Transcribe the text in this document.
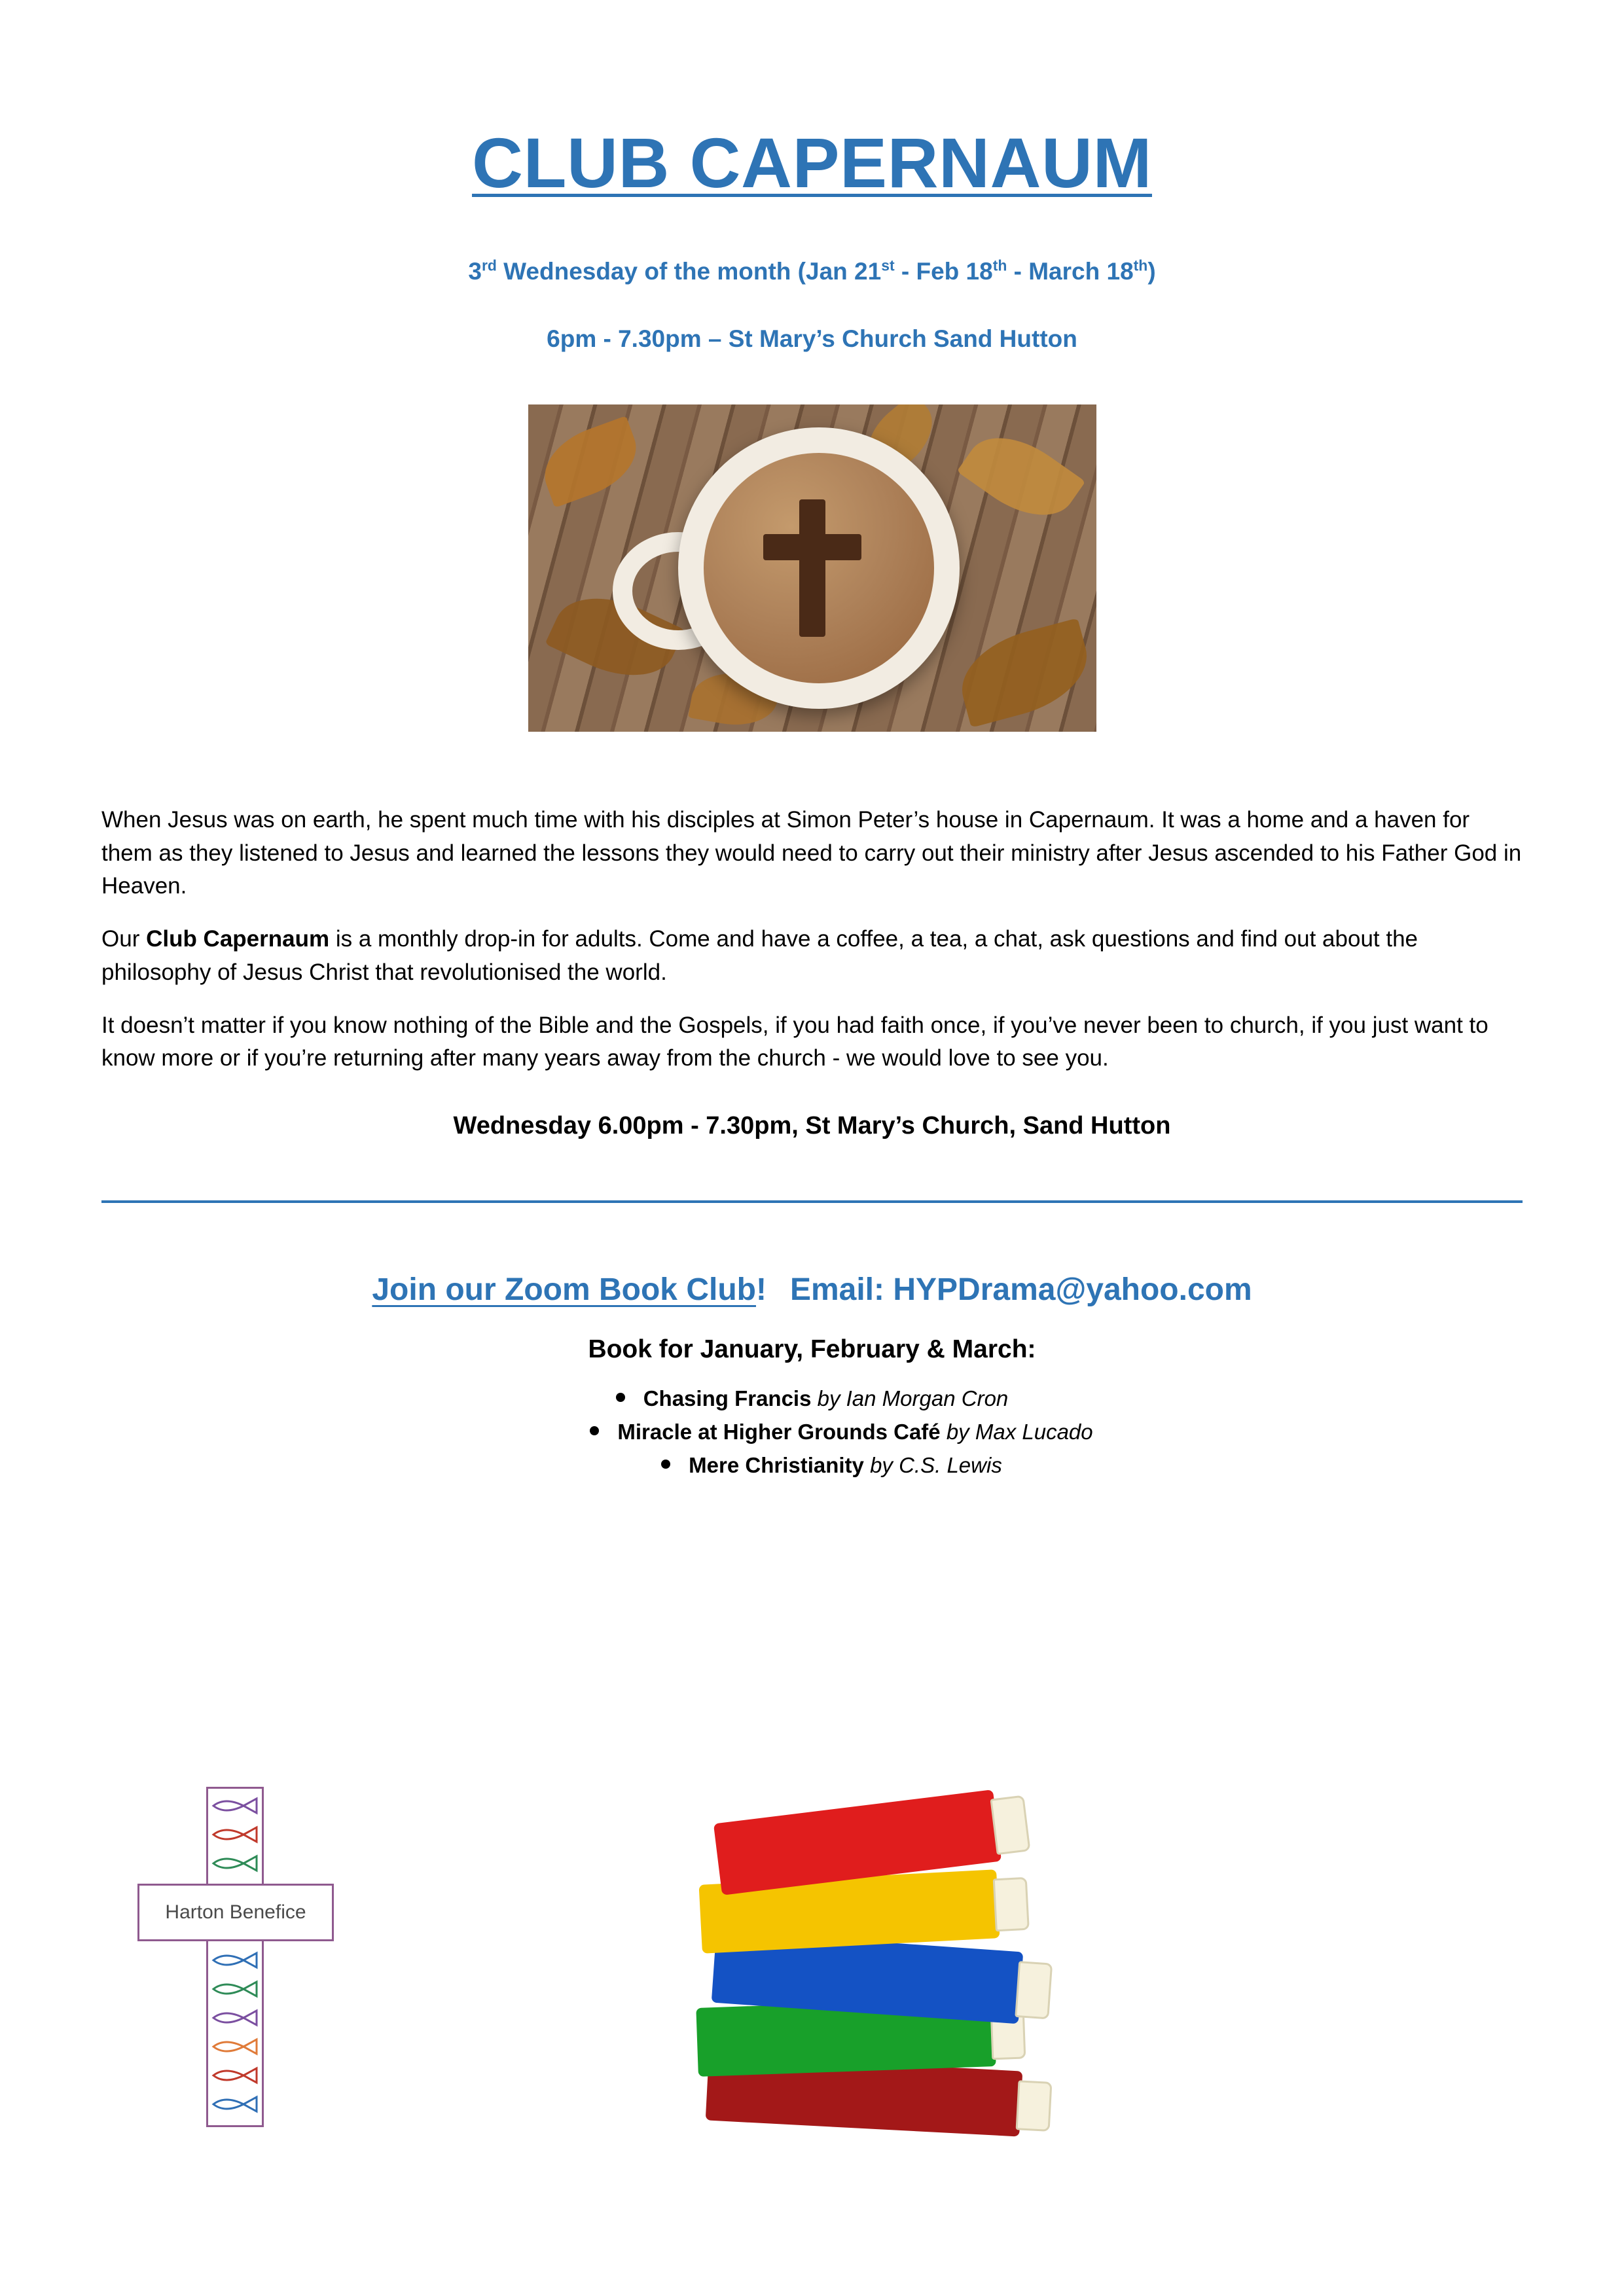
CLUB CAPERNAUM
3rd Wednesday of the month (Jan 21st - Feb 18th - March 18th)
6pm - 7.30pm – St Mary’s Church Sand Hutton

When Jesus was on earth, he spent much time with his disciples at Simon Peter’s house in Capernaum. It was a home and a haven for them as they listened to Jesus and learned the lessons they would need to carry out their ministry after Jesus ascended to his Father God in Heaven.

Our Club Capernaum is a monthly drop-in for adults. Come and have a coffee, a tea, a chat, ask questions and find out about the philosophy of Jesus Christ that revolutionised the world.

It doesn’t matter if you know nothing of the Bible and the Gospels, if you had faith once, if you’ve never been to church, if you just want to know more or if you’re returning after many years away from the church - we would love to see you.

Wednesday 6.00pm - 7.30pm, St Mary’s Church, Sand Hutton
Join our Zoom Book Club! Email: HYPDrama@yahoo.com
Book for January, February & March:
Chasing Francis by Ian Morgan Cron
Miracle at Higher Grounds Café by Max Lucado
Mere Christianity by C.S. Lewis
Harton Benefice
